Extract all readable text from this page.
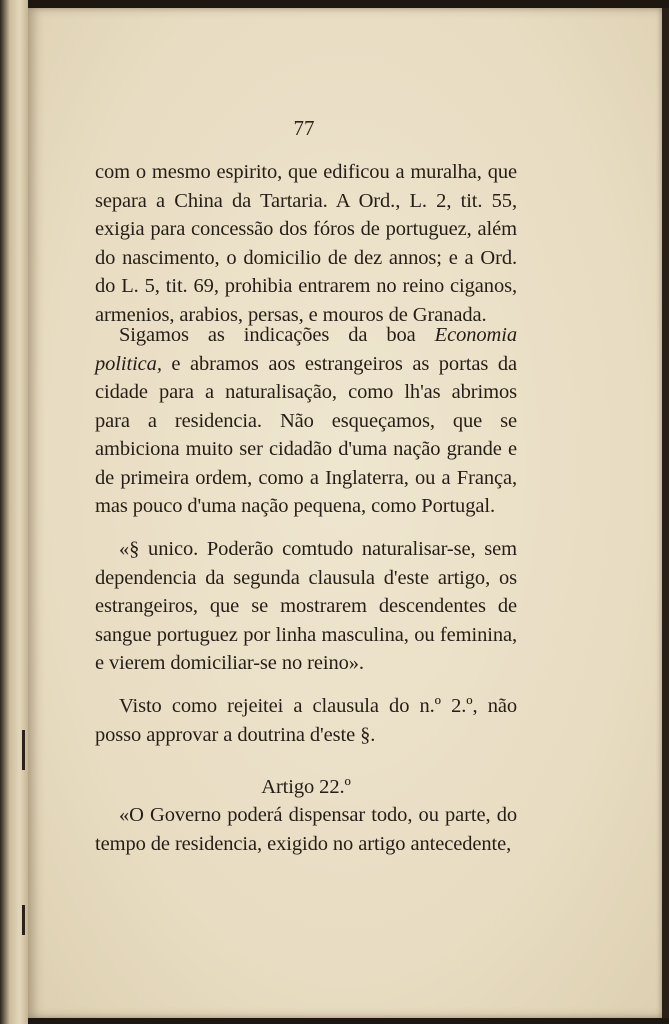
77

com o mesmo espirito, que edificou a muralha, que separa a China da Tartaria. A Ord., L. 2, tit. 55, exigia para concessão dos fóros de portuguez, além do nascimento, o domicilio de dez annos; e a Ord. do L. 5, tit. 69, prohibia entrarem no reino ciganos, armenios, arabios, persas, e mouros de Granada.

Sigamos as indicações da boa Economia politica, e abramos aos estrangeiros as portas da cidade para a naturalisação, como lh'as abrimos para a residencia. Não esqueçamos, que se ambiciona muito ser cidadão d'uma nação grande e de primeira ordem, como a Inglaterra, ou a França, mas pouco d'uma nação pequena, como Portugal.

«§ unico. Poderão comtudo naturalisar-se, sem dependencia da segunda clausula d'este artigo, os estrangeiros, que se mostrarem descendentes de sangue portuguez por linha masculina, ou feminina, e vierem domiciliar-se no reino».

Visto como rejeitei a clausula do n.º 2.º, não posso approvar a doutrina d'este §.

Artigo 22.º

«O Governo poderá dispensar todo, ou parte, do tempo de residencia, exigido no artigo antecedente,
